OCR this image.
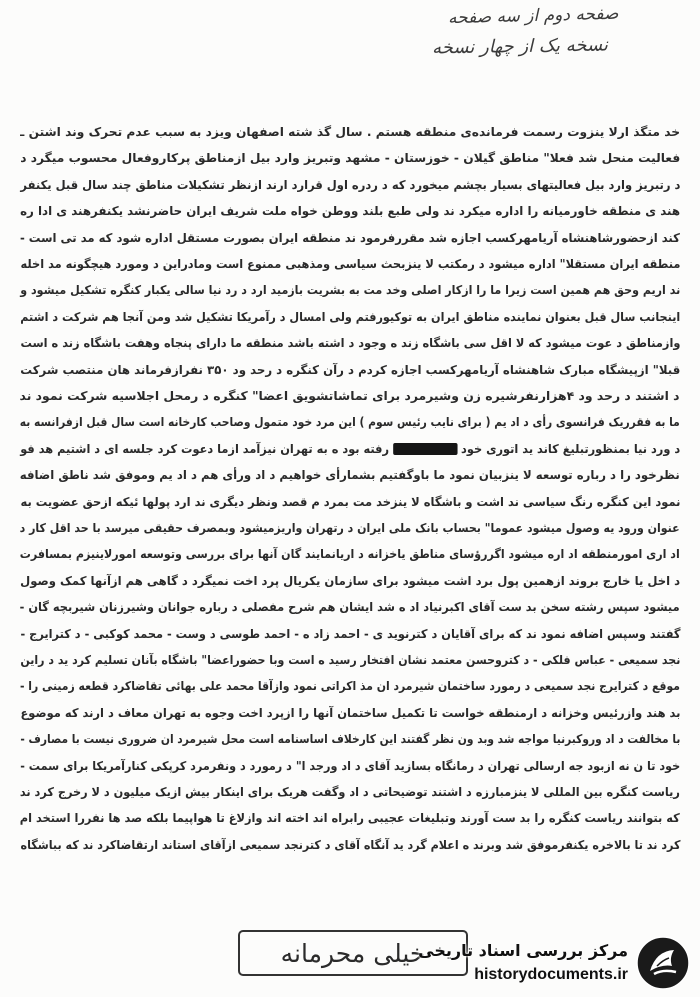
صفحه دوم از سه صفحه
نسخه یک از چهار نسخه
خد متگذ ارلا ینزوت رسمت فرمانده‌ی منطقه هستم . سال گذ شته اصفهان ویزد به سبب عدم تحرک وند اشتن ـ
فعالیت منحل شد فعلا" مناطق گیلان - خوزستان - مشهد وتبریز وارد بیل ازمناطق پرکاروفعال محسوب میگرد د
د رتبریز وارد بیل فعالیتهای بسیار بچشم میخورد که د ردره اول قرارد ارند ازنظر تشکیلات مناطق چند سال قبل یکنفر
هند ی منطقه خاورمیانه را اداره میکرد ند ولی طبع بلند ووطن خواه ملت شریف ایران حاضرنشد یکنفرهند ی ادا ره
کند ازحضورشاهنشاه آریامهرکسب اجازه شد مقررفرمود ند منطقه ایران بصورت مستقل اداره شود که مد تی است -
منطقه ایران مستقلا" اداره میشود د رمکتب لا ینزبحث سیاسی ومذهبی ممنوع است ومادراین د ومورد هیچگونه مد اخله
ند اریم وحق هم همین است زیرا ما را ازکار اصلی وخد مت به بشریت بازمید ارد د رد نیا سالی یکبار کنگره تشکیل میشود و
اینجانب سال قبل بعنوان نماینده مناطق ایران به توکیورفتم ولی امسال د رآمریکا تشکیل شد ومن آنجا هم شرکت د اشتم
وازمناطق د عوت میشود که لا اقل سی باشگاه زند ه وجود د اشته باشد منطقه ما دارای پنجاه وهفت باشگاه زند ه است
قبلا" ازپیشگاه مبارک شاهنشاه آریامهرکسب اجازه کردم د رآن کنگره د رحد ود ۳۵۰ نفرازفرماند هان منتصب شرکت
د اشتند د رحد ود ۴هزارنفرشیره زن وشیرمرد برای تماشاتشویق اعضا" کنگره د رمحل اجلاسیه شرکت نمود ند
ما به فقرریک فرانسوی رأی د اد یم ( برای نایب رئیس سوم ) این مرد خود متمول وصاحب کارخانه است سال قبل ازفرانسه به
د ورد نیا بمنظورتبلیغ کاند ید اتوری خودرفته بود ه به تهران نیزآمد ازما دعوت کرد جلسه ای د اشتیم هد فو
نظرخود را د رباره توسعه لا ینزبیان نمود ما باوگفتیم بشمارأی خواهیم د اد ورأی هم د اد یم وموفق شد ناطق اضافه
نمود این کنگره رنگ سیاسی ند اشت و باشگاه لا ینزخد مت بمرد م قصد ونظر دیگری ند ارد پولها ئیکه ازحق عضویت به
عنوان ورود یه وصول میشود عموما" بحساب بانک ملی ایران د رتهران واریزمیشود وبمصرف حقیقی میرسد با حد اقل کار د
اد اری امورمنطقه اد اره میشود اگررؤسای مناطق یاخزانه د اریانمایند گان آنها برای بررسی وتوسعه امورلاینیزم بمسافرت
د اخل یا خارج بروند ازهمین پول برد اشت میشود برای سازمان یکریال پرد اخت نمیگرد د گاهی هم ازآنها کمک وصول
میشود سپس رشته سخن بد ست آقای اکبرنیاد اد ه شد ایشان هم شرح مفصلی د رباره جوانان وشیرزنان شیربچه گان -
گفتند وسپس اضافه نمود ند که برای آقایان د کترنوید ی - احمد زاد ه - احمد طوسی د وست - محمد کوکبی - د کترایرج -
نجد سمیعی - عباس فلکی - د کتروحسن معتمد نشان افتخار رسید ه است وبا حضوراعضا" باشگاه بآنان تسلیم کرد ید د راین
موقع د کترایرج نجد سمیعی د رمورد ساختمان شیرمرد ان مذ اکراتی نمود وازآقا محمد علی بهائی تقاضاکرد قطعه زمینی را -
بد هند وازرئیس وخزانه د ارمنطقه خواست تا تکمیل ساختمان آنها را ازپرد اخت وجوه به تهران معاف د ارند که موضوع
با مخالفت د اد وروکبرنیا مواجه شد وبد ون نظر گفتند این کارخلاف اساسنامه است محل شیرمرد ان ضروری نیست با مصارف -
خود تا ن نه ازبود جه ارسالی تهران د رمانگاه بسازید آقای د اد ورجد ا" د رمورد د ونفرمرد کرپکی کنارآمریکا برای سمت -
ریاست کنگره بین المللی لا ینزمبارزه د اشتند توضیحاتی د اد وگفت هریک برای اینکار بیش ازیک میلیون د لا رخرج کرد ند
که بتوانند ریاست کنگره را بد ست آورند وتبلیغات عجیبی رابراه اند اخته اند وازلاغ تا هواپیما بلکه صد ها نفررا استخد ام
کرد ند تا بالاخره یکنفرموفق شد وبرند ه اعلام گرد ید آنگاه آقای د کترنجد سمیعی ازآقای استاند ارتقاضاکرد ند که بباشگاه
خیلی محرمانه
مرکز بررسی اسناد تاریخی
historydocuments.ir
